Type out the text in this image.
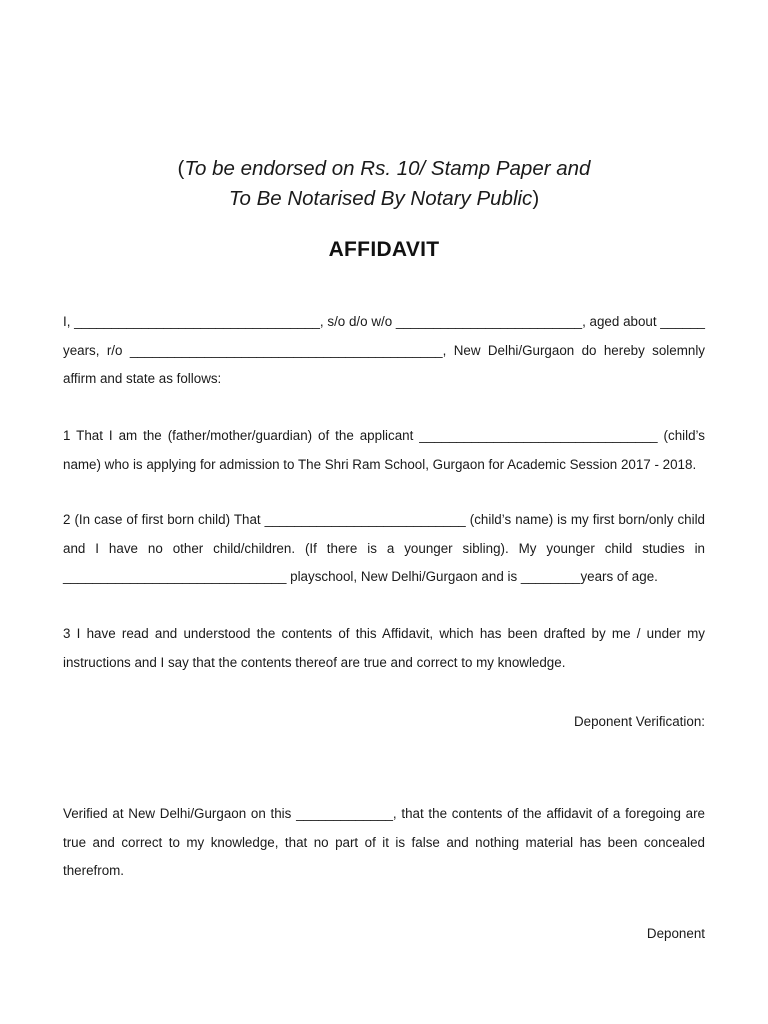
(To be endorsed on Rs. 10/ Stamp Paper and
To Be Notarised By Notary Public)
AFFIDAVIT
I, _________________________________, s/o d/o w/o _________________________, aged about ______ years, r/o __________________________________________, New Delhi/Gurgaon do hereby solemnly affirm and state as follows:
1 That I am the (father/mother/guardian) of the applicant ________________________________ (child’s name) who is applying for admission to The Shri Ram School, Gurgaon for Academic Session 2017 - 2018.
2 (In case of first born child) That ___________________________ (child’s name) is my first born/only child and I have no other child/children. (If there is a younger sibling). My younger child studies in ______________________________ playschool, New Delhi/Gurgaon and is ________years of age.
3 I have read and understood the contents of this Affidavit, which has been drafted by me / under my instructions and I say that the contents thereof are true and correct to my knowledge.
Deponent Verification:
Verified at New Delhi/Gurgaon on this _____________, that the contents of the affidavit of a foregoing are true and correct to my knowledge, that no part of it is false and nothing material has been concealed therefrom.
Deponent
